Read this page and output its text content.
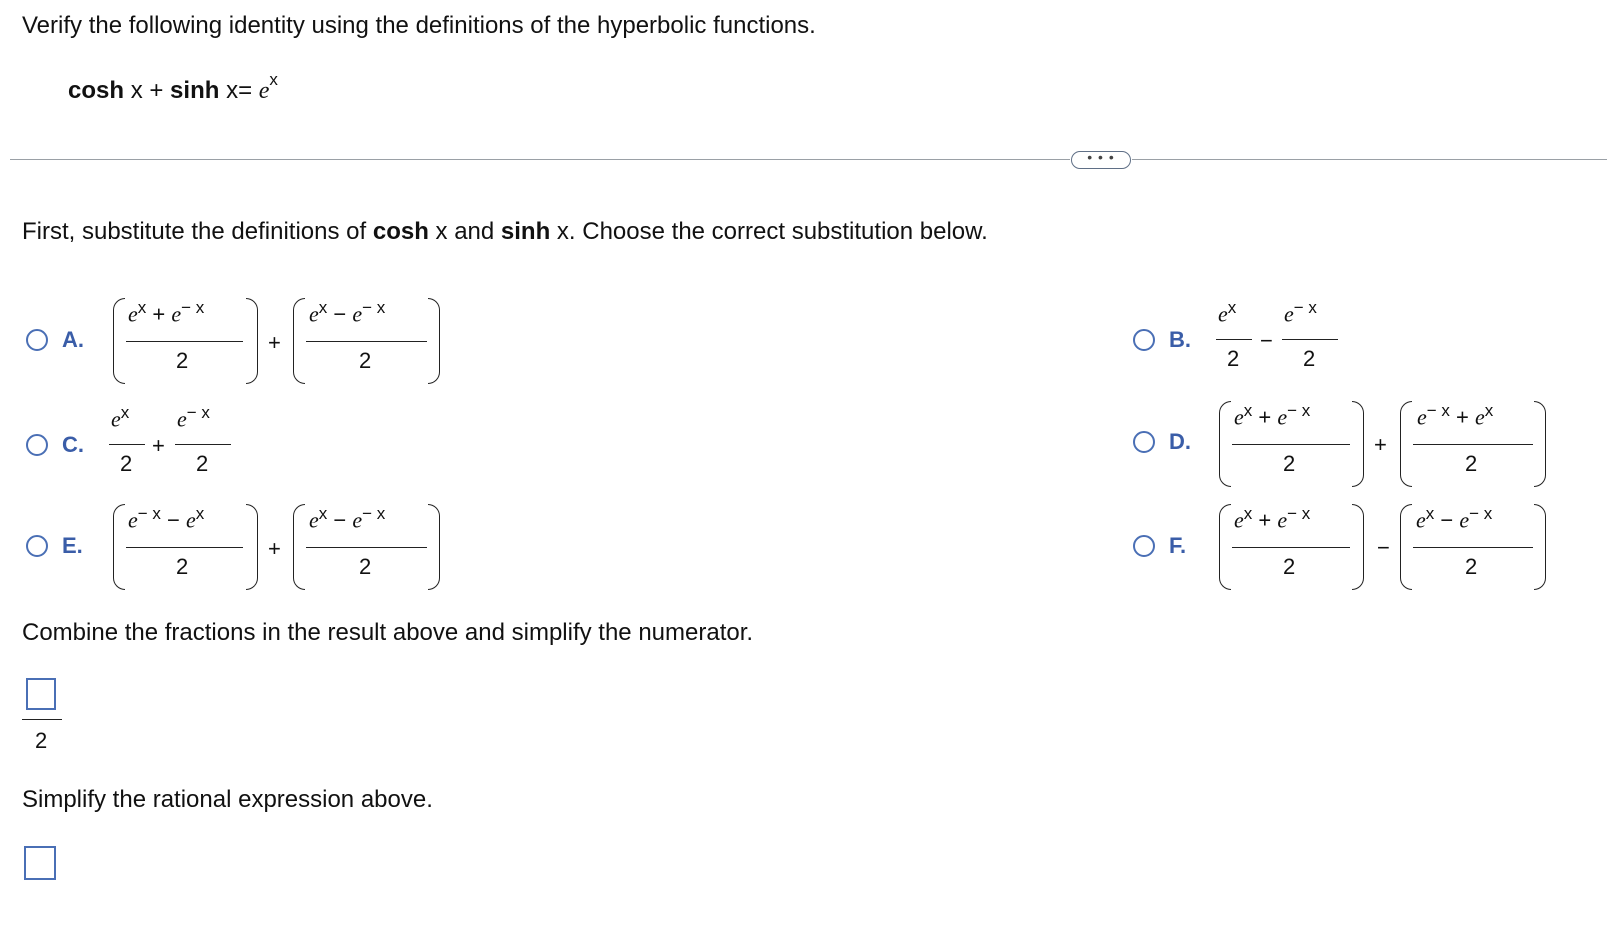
Verify the following identity using the definitions of the hyperbolic functions.
$\cosh x + \sinh x= e^x$
• • •
First, substitute the definitions of cosh x and sinh x. Choose the correct substitution below.
A.
$e^x + e^{- x}$
2
+
$e^x - e^{- x}$
2
B.
$e^x$
2
−
$e^{- x}$
2
C.
$e^x$
2
+
$e^{- x}$
2
D.
$e^x + e^{- x}$
2
+
$e^{- x} + e^x$
2
E.
$e^{- x} - e^x$
2
+
$e^x - e^{- x}$
2
F.
$e^x + e^{- x}$
2
−
$e^x - e^{- x}$
2
Combine the fractions in the result above and simplify the numerator.
2
Simplify the rational expression above.
